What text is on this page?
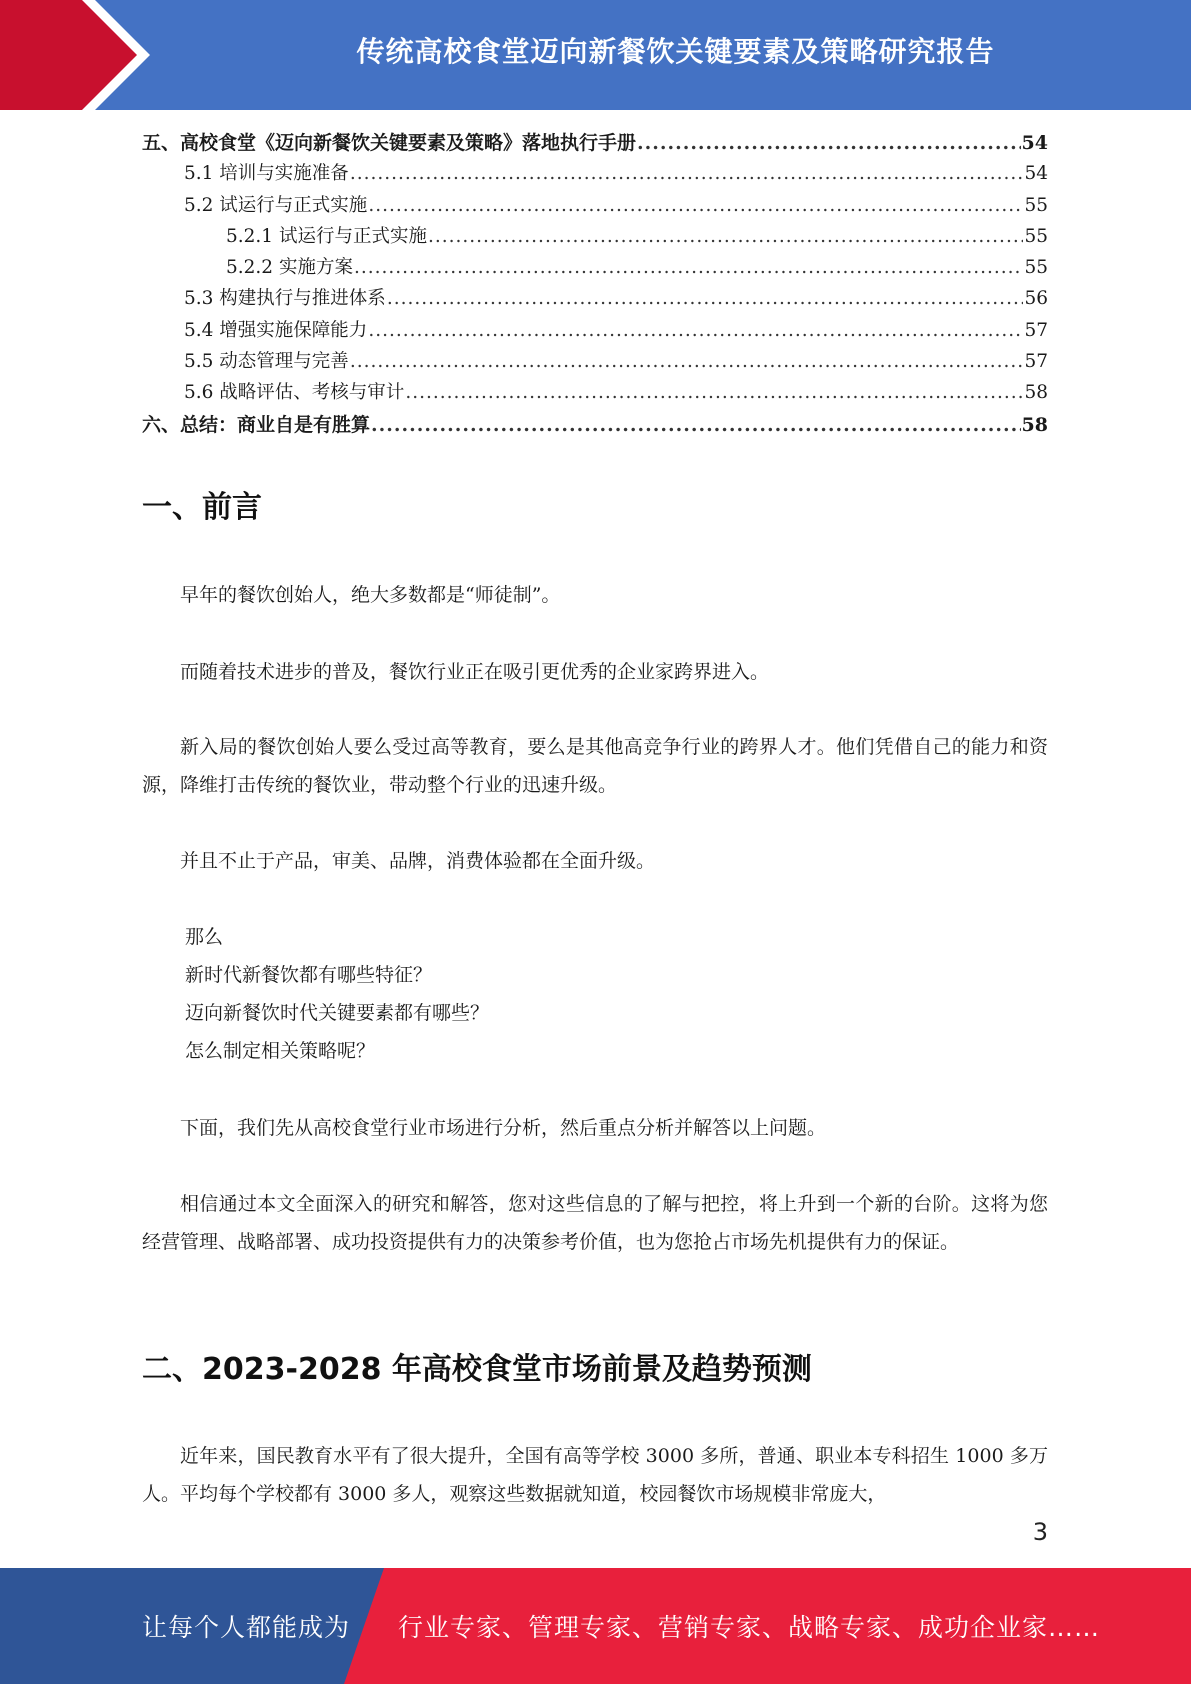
传统高校食堂迈向新餐饮关键要素及策略研究报告
五、高校食堂《迈向新餐饮关键要素及策略》落地执行手册 .....	54
5.1 培训与实施准备 .....	54
5.2 试运行与正式实施 .....	55
5.2.1 试运行与正式实施 .....	55
5.2.2 实施方案 .....	55
5.3 构建执行与推进体系 .....	56
5.4 增强实施保障能力 .....	57
5.5 动态管理与完善 .....	57
5.6 战略评估、考核与审计 .....	58
六、总结：商业自是有胜算 .....	58
一、前言
早年的餐饮创始人，绝大多数都是“师徒制”。
而随着技术进步的普及，餐饮行业正在吸引更优秀的企业家跨界进入。
新入局的餐饮创始人要么受过高等教育，要么是其他高竞争行业的跨界人才。他们凭借自己的能力和资源，降维打击传统的餐饮业，带动整个行业的迅速升级。
并且不止于产品，审美、品牌，消费体验都在全面升级。
那么
新时代新餐饮都有哪些特征？
迈向新餐饮时代关键要素都有哪些？
怎么制定相关策略呢？
下面，我们先从高校食堂行业市场进行分析，然后重点分析并解答以上问题。
相信通过本文全面深入的研究和解答，您对这些信息的了解与把控，将上升到一个新的台阶。这将为您经营管理、战略部署、成功投资提供有力的决策参考价值，也为您抢占市场先机提供有力的保证。
二、2023-2028 年高校食堂市场前景及趋势预测
近年来，国民教育水平有了很大提升，全国有高等学校 3000 多所，普通、职业本专科招生 1000 多万人。平均每个学校都有 3000 多人，观察这些数据就知道，校园餐饮市场规模非常庞大，
3
让每个人都能成为 行业专家、管理专家、营销专家、战略专家、成功企业家……
